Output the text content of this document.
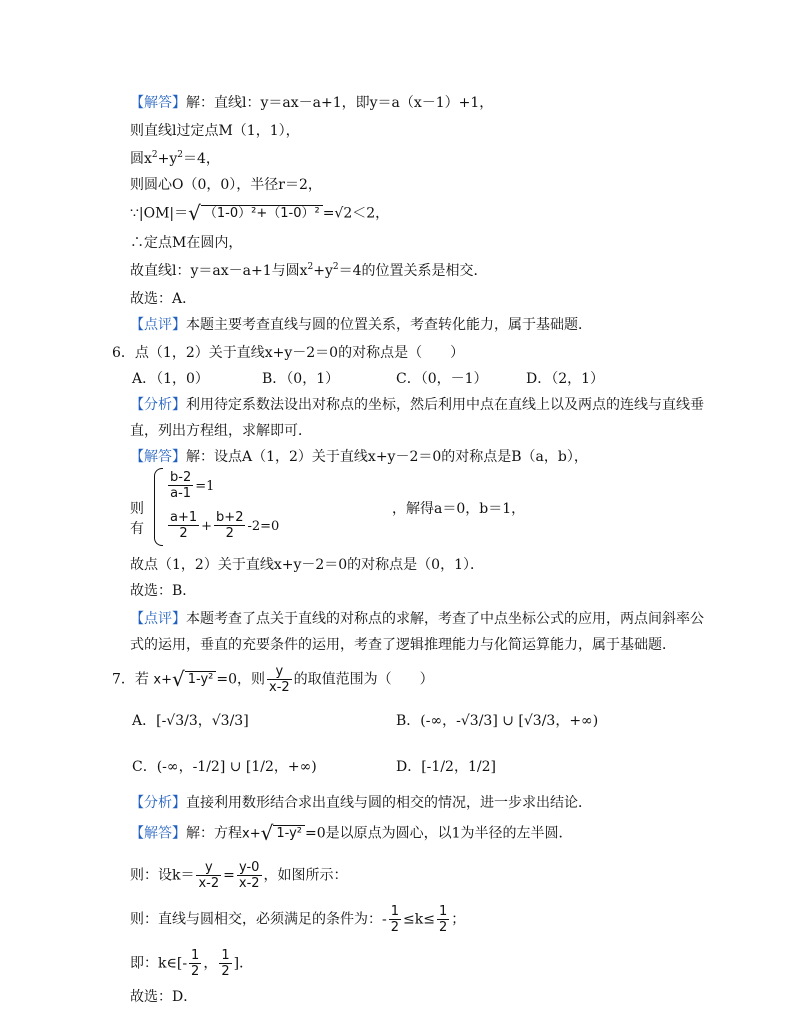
【解答】解：直线l：y＝ax－a+1，即y＝a（x－1）+1，
则直线l过定点M（1，1），
圆$x^2+y^2=4$，
则圆心O（0，0），半径r＝2，
∵|OM|＝√ （1-0）²+（1-0）² =√2＜2，
∴定点M在圆内，
故直线l：y＝ax－a+1与圆$x^2+y^2=4$的位置关系是相交．
故选：A．
【点评】本题主要考查直线与圆的位置关系，考查转化能力，属于基础题．
6．点（1，2）关于直线x+y－2＝0的对称点是（　　）
A．（1，0）	B．（0，1）	C．（0，－1）	D．（2，1）
【分析】利用待定系数法设出对称点的坐标，然后利用中点在直线上以及两点的连线与直线垂
直，列出方程组，求解即可．
【解答】解：设点A（1，2）关于直线x+y－2＝0的对称点是B（a，b），
则有
$\frac{b-2}{a-1} =1$
$\frac{a+1}{2} + \frac{b+2}{2} -2=0$
，解得a＝0，b＝1，
故点（1，2）关于直线x+y－2＝0的对称点是（0，1）．
故选：B．
【点评】本题考查了点关于直线的对称点的求解，考查了中点坐标公式的应用，两点间斜率公
式的运用，垂直的充要条件的运用，考查了逻辑推理能力与化简运算能力，属于基础题．
7．若 x+√ 1-y² =0，则 $\frac{y}{x-2}$ 的取值范围为（　　）
A．[-√3/3，√3/3]	B．(-∞，-√3/3] ∪ [√3/3，+∞)
C．(-∞，-1/2] ∪ [1/2，+∞)	D．[-1/2，1/2]
【分析】直接利用数形结合求出直线与圆的相交的情况，进一步求出结论．
【解答】解：方程x+√ 1-y² =0是以原点为圆心，以1为半径的左半圆．
则：设$k= \frac{y}{x-2} = \frac{y-0}{x-2}$ ，如图所示：
则：直线与圆相交，必须满足的条件为：- $\frac{1}{2} \le k\le \frac{1}{2}$ ；
即：k∈[- $\frac{1}{2}$ ， $\frac{1}{2}$ ]．
故选：D．
